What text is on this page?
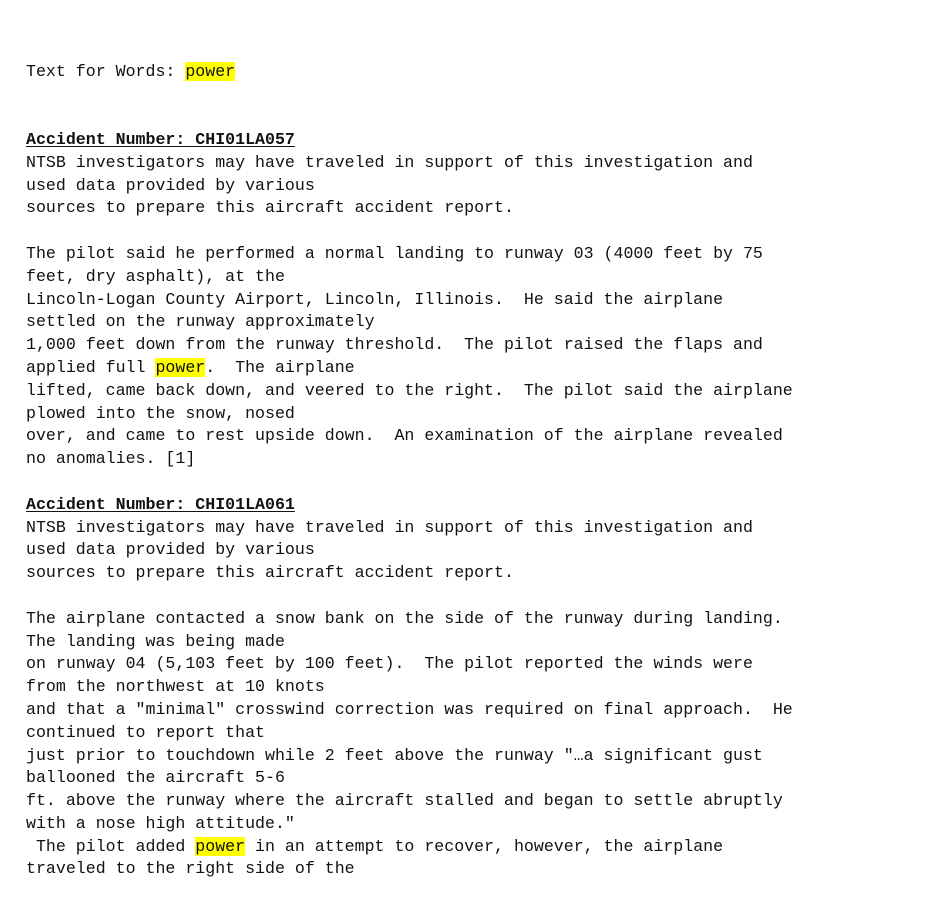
Text for Words: power

Accident Number: CHI01LA057
NTSB investigators may have traveled in support of this investigation and
used data provided by various
sources to prepare this aircraft accident report.
The pilot said he performed a normal landing to runway 03 (4000 feet by 75
feet, dry asphalt), at the
Lincoln-Logan County Airport, Lincoln, Illinois.  He said the airplane
settled on the runway approximately
1,000 feet down from the runway threshold.  The pilot raised the flaps and
applied full power.  The airplane
lifted, came back down, and veered to the right.  The pilot said the airplane
plowed into the snow, nosed
over, and came to rest upside down.  An examination of the airplane revealed
no anomalies. [1]
Accident Number: CHI01LA061
NTSB investigators may have traveled in support of this investigation and
used data provided by various
sources to prepare this aircraft accident report.
The airplane contacted a snow bank on the side of the runway during landing.
The landing was being made
on runway 04 (5,103 feet by 100 feet).  The pilot reported the winds were
from the northwest at 10 knots
and that a "minimal" crosswind correction was required on final approach.  He
continued to report that
just prior to touchdown while 2 feet above the runway "…a significant gust
ballooned the aircraft 5-6
ft. above the runway where the aircraft stalled and began to settle abruptly
with a nose high attitude."
The pilot added power in an attempt to recover, however, the airplane
traveled to the right side of the
